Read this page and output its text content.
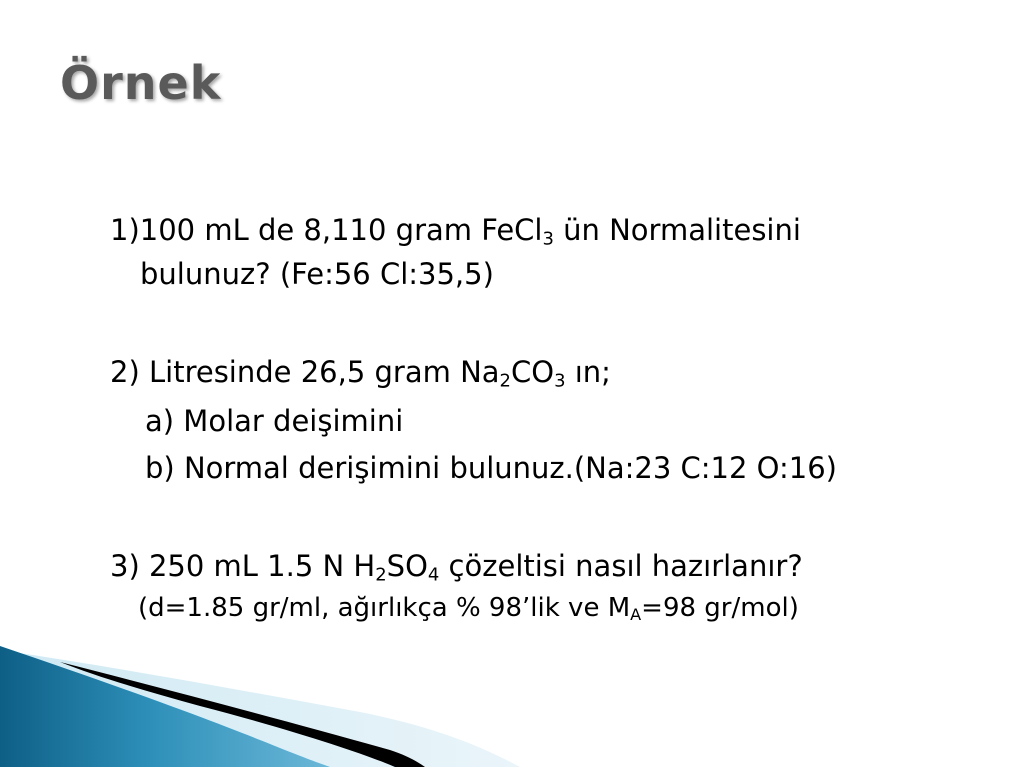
Örnek
1)100 mL de 8,110 gram FeCl$_3$ ün Normalitesini
bulunuz? (Fe:56 Cl:35,5)
2) Litresinde 26,5 gram $Na_2CO_3$ ın;
a) Molar deişimini
b) Normal derişimini bulunuz.(Na:23 C:12 O:16)
3) 250 mL 1.5 N $H_2SO_4$ çözeltisi nasıl hazırlanır?
(d=1.85 gr/ml, ağırlıkça % 98’lik ve $M_A=98$ gr/mol)
